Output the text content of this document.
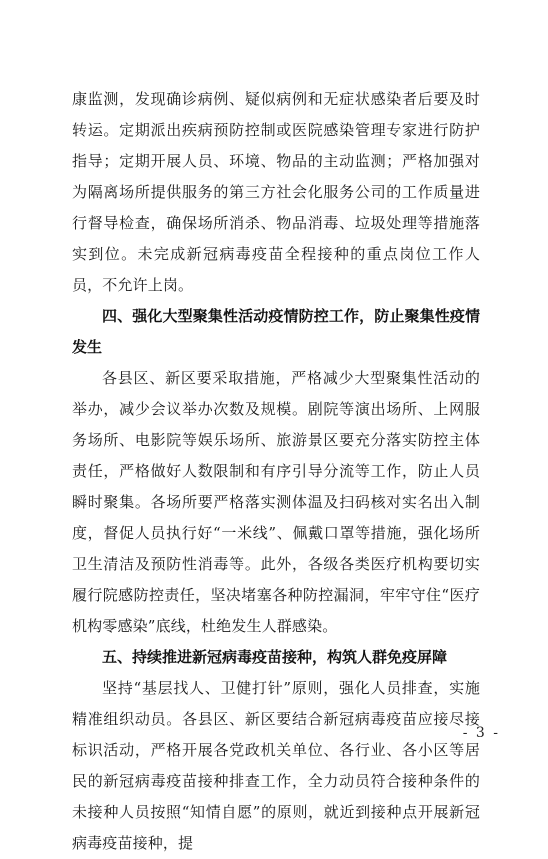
康监测，发现确诊病例、疑似病例和无症状感染者后要及时转运。定期派出疾病预防控制或医院感染管理专家进行防护指导；定期开展人员、环境、物品的主动监测；严格加强对为隔离场所提供服务的第三方社会化服务公司的工作质量进行督导检查，确保场所消杀、物品消毒、垃圾处理等措施落实到位。未完成新冠病毒疫苗全程接种的重点岗位工作人员，不允许上岗。

四、强化大型聚集性活动疫情防控工作，防止聚集性疫情发生

各县区、新区要采取措施，严格减少大型聚集性活动的举办，减少会议举办次数及规模。剧院等演出场所、上网服务场所、电影院等娱乐场所、旅游景区要充分落实防控主体责任，严格做好人数限制和有序引导分流等工作，防止人员瞬时聚集。各场所要严格落实测体温及扫码核对实名出入制度，督促人员执行好“一米线”、佩戴口罩等措施，强化场所卫生清洁及预防性消毒等。此外，各级各类医疗机构要切实履行院感防控责任，坚决堵塞各种防控漏洞，牢牢守住“医疗机构零感染”底线，杜绝发生人群感染。

五、持续推进新冠病毒疫苗接种，构筑人群免疫屏障

坚持“基层找人、卫健打针”原则，强化人员排查，实施精准组织动员。各县区、新区要结合新冠病毒疫苗应接尽接标识活动，严格开展各党政机关单位、各行业、各小区等居民的新冠病毒疫苗接种排查工作，全力动员符合接种条件的未接种人员按照“知情自愿”的原则，就近到接种点开展新冠病毒疫苗接种，提

- 3 -
